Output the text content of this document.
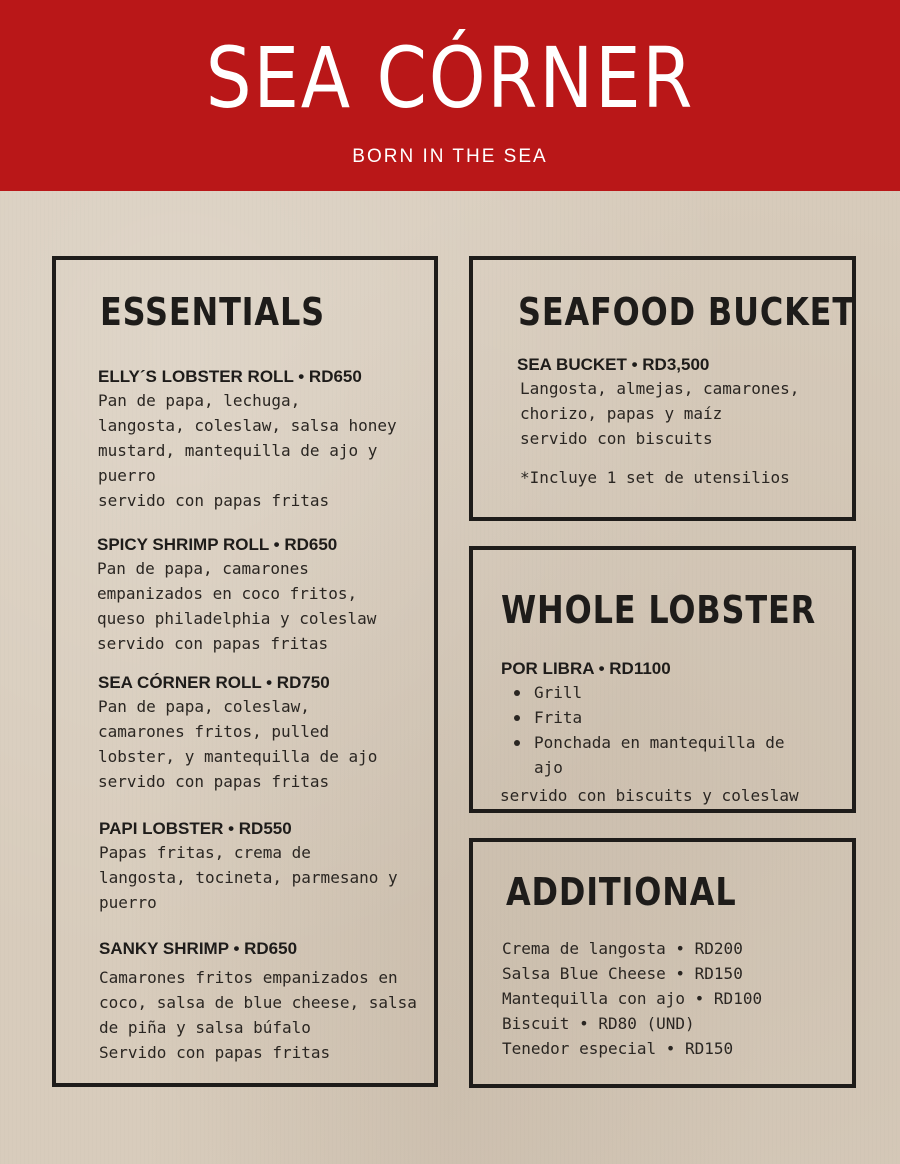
SEA CÓRNER
BORN IN THE SEA
ESSENTIALS
ELLY´S LOBSTER ROLL • RD650
Pan de papa, lechuga,
langosta, coleslaw, salsa honey
mustard, mantequilla de ajo y
puerro
servido con papas fritas
SPICY SHRIMP ROLL • RD650
Pan de papa, camarones
empanizados en coco fritos,
queso philadelphia y coleslaw
servido con papas fritas
SEA CÓRNER ROLL • RD750
Pan de papa, coleslaw,
camarones fritos, pulled
lobster, y mantequilla de ajo
servido con papas fritas
PAPI LOBSTER • RD550
Papas fritas, crema de
langosta, tocineta, parmesano y
puerro
SANKY SHRIMP • RD650
Camarones fritos empanizados en
coco, salsa de blue cheese, salsa
de piña y salsa búfalo
Servido con papas fritas
SEAFOOD BUCKET
SEA BUCKET • RD3,500
Langosta, almejas, camarones,
chorizo, papas y maíz
servido con biscuits
*Incluye 1 set de utensilios
WHOLE LOBSTER
POR LIBRA • RD1100
Grill
Frita
Ponchada en mantequilla de
ajo
servido con biscuits y coleslaw
ADDITIONAL
Crema de langosta • RD200
Salsa Blue Cheese • RD150
Mantequilla con ajo • RD100
Biscuit • RD80 (UND)
Tenedor especial • RD150
